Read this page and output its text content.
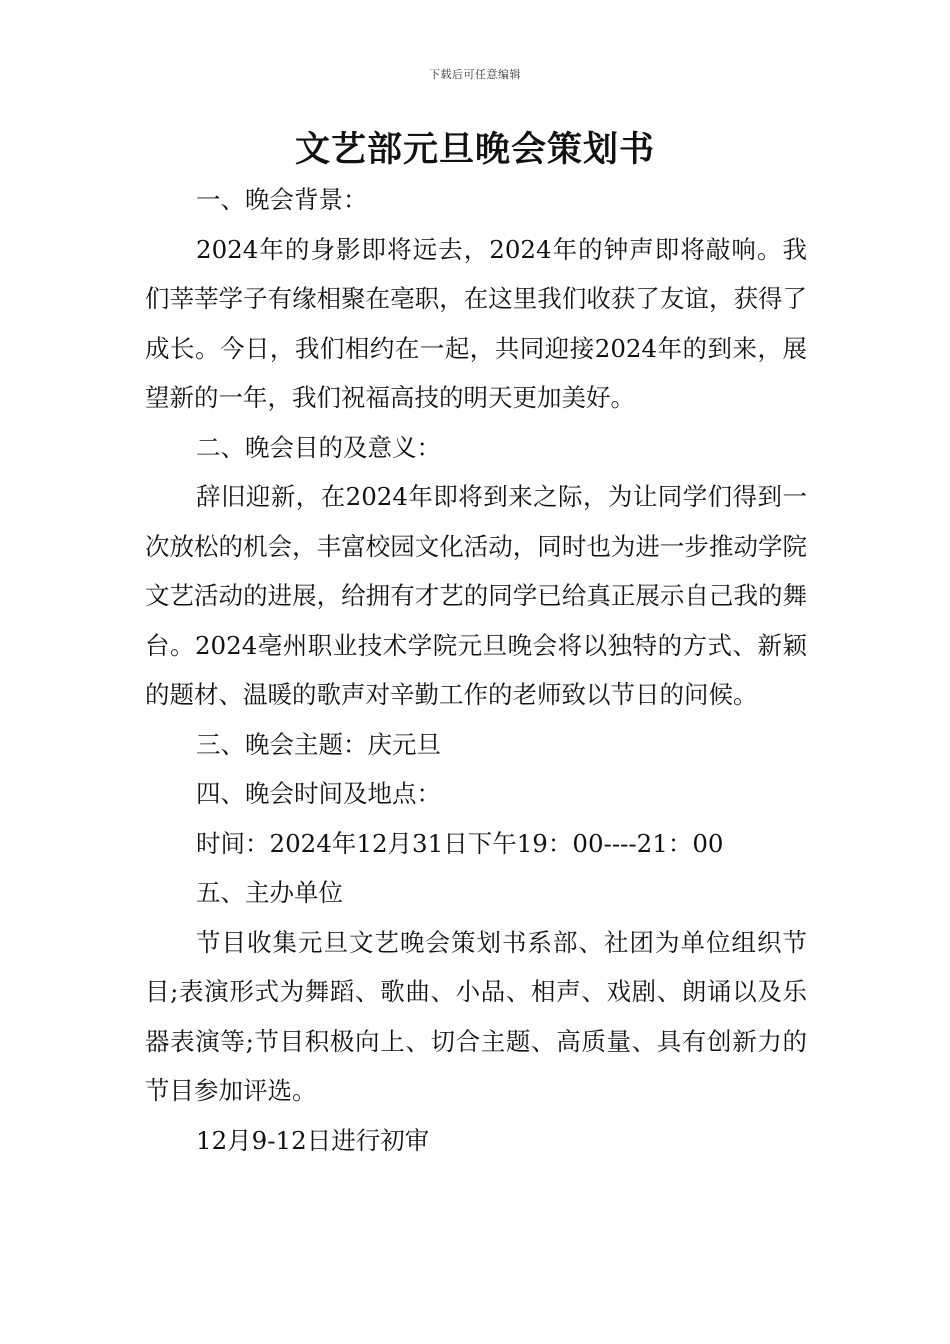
下载后可任意编辑
文艺部元旦晚会策划书

一、晚会背景：

2024年的身影即将远去，2024年的钟声即将敲响。我们莘莘学子有缘相聚在亳职，在这里我们收获了友谊，获得了成长。今日，我们相约在一起，共同迎接2024年的到来，展望新的一年，我们祝福高技的明天更加美好。

二、晚会目的及意义：

辞旧迎新，在2024年即将到来之际，为让同学们得到一次放松的机会，丰富校园文化活动，同时也为进一步推动学院文艺活动的进展，给拥有才艺的同学已给真正展示自己我的舞台。2024亳州职业技术学院元旦晚会将以独特的方式、新颖的题材、温暖的歌声对辛勤工作的老师致以节日的问候。

三、晚会主题：庆元旦

四、晚会时间及地点：

时间：2024年12月31日下午19：00----21：00

五、主办单位

节目收集元旦文艺晚会策划书系部、社团为单位组织节目;表演形式为舞蹈、歌曲、小品、相声、戏剧、朗诵以及乐器表演等;节目积极向上、切合主题、高质量、具有创新力的节目参加评选。

12月9-12日进行初审
